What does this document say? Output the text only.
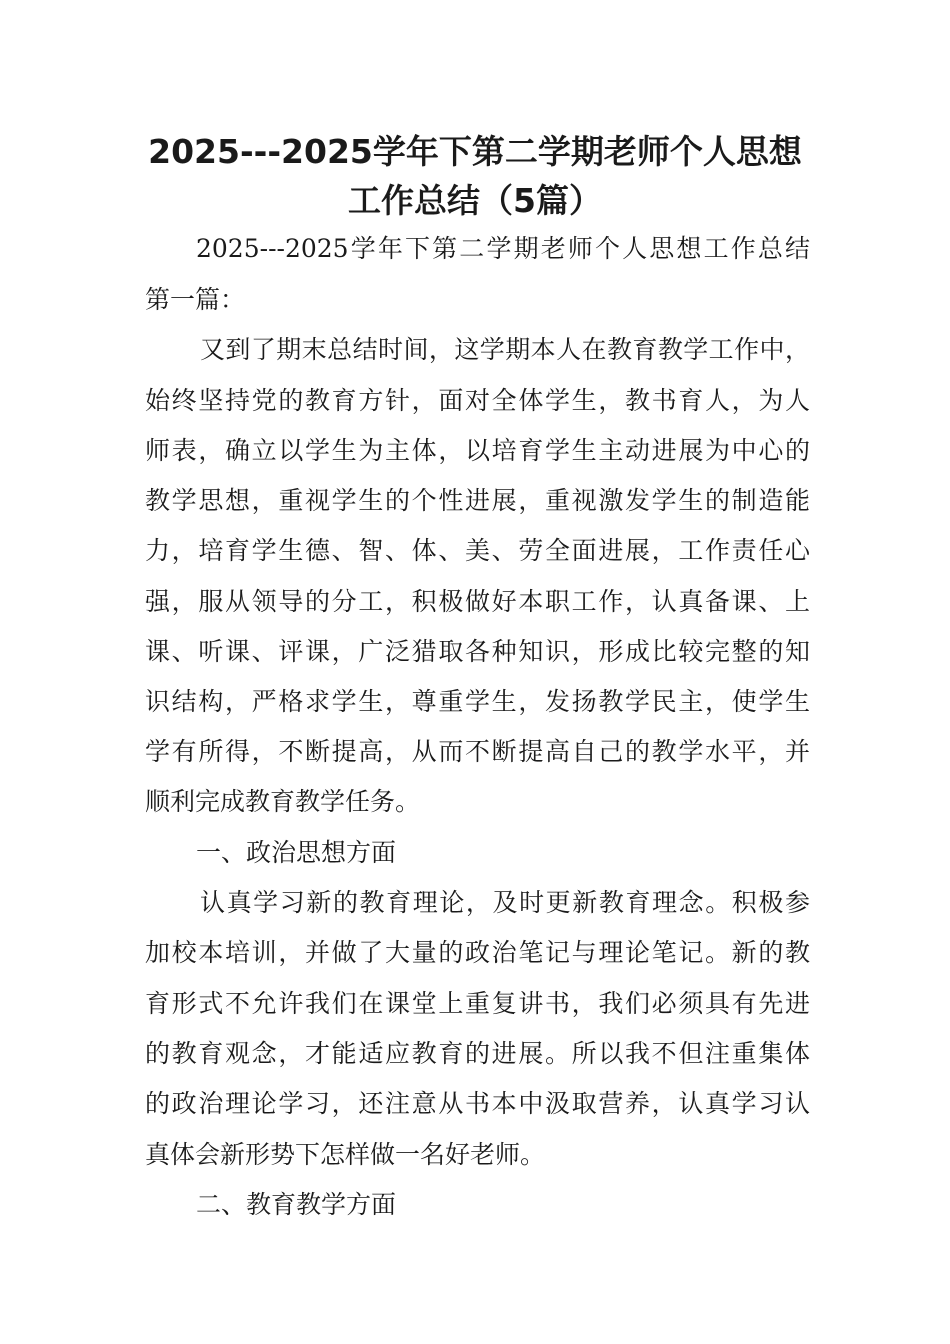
2025---2025学年下第二学期老师个人思想
工作总结（5篇）
2025---2025学年下第二学期老师个人思想工作总结
第一篇：
又到了期末总结时间，这学期本人在教育教学工作中，
始终坚持党的教育方针，面对全体学生，教书育人，为人
师表，确立以学生为主体，以培育学生主动进展为中心的
教学思想，重视学生的个性进展，重视激发学生的制造能
力，培育学生德、智、体、美、劳全面进展，工作责任心
强，服从领导的分工，积极做好本职工作，认真备课、上
课、听课、评课，广泛猎取各种知识，形成比较完整的知
识结构，严格求学生，尊重学生，发扬教学民主，使学生
学有所得，不断提高，从而不断提高自己的教学水平，并
顺利完成教育教学任务。
一、政治思想方面
认真学习新的教育理论，及时更新教育理念。积极参
加校本培训，并做了大量的政治笔记与理论笔记。新的教
育形式不允许我们在课堂上重复讲书，我们必须具有先进
的教育观念，才能适应教育的进展。所以我不但注重集体
的政治理论学习，还注意从书本中汲取营养，认真学习认
真体会新形势下怎样做一名好老师。
二、教育教学方面
